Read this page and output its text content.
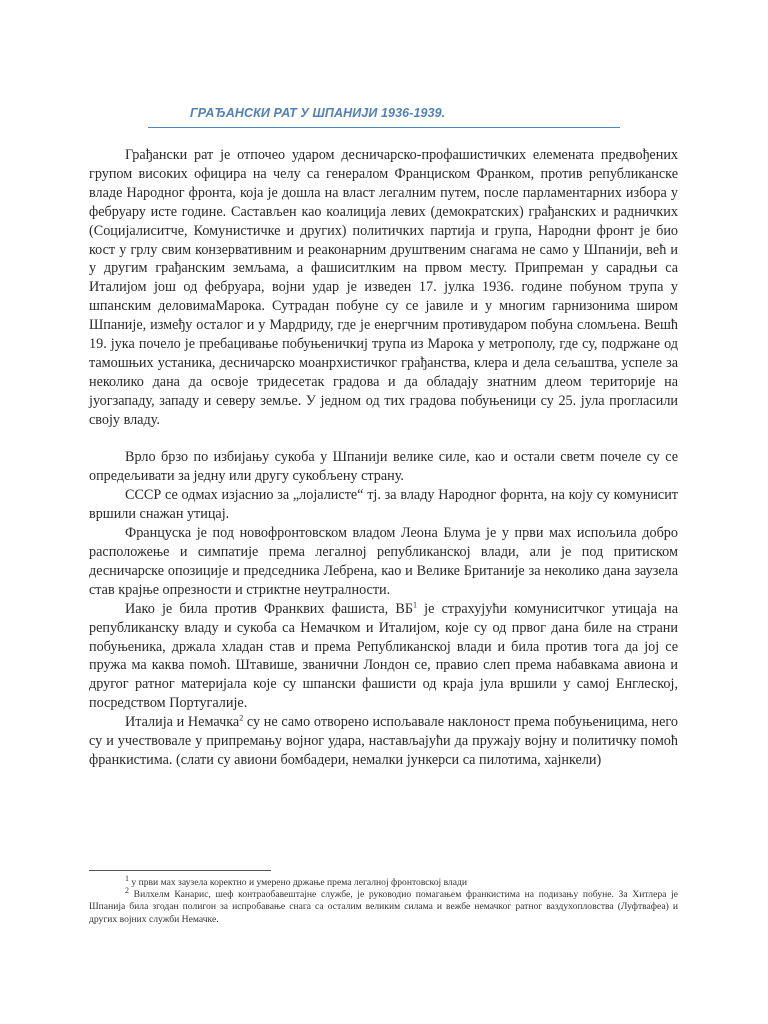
ГРАЂАНСКИ РАТ У ШПАНИЈИ 1936-1939.

Грађански рат је отпочео ударом десничарско-профашистичких елемената предвођених групом високих официра на челу са генералом Франциском Франком, против републиканске владе Народног фронта, која је дошла на власт легалним путем, после парламентарних изборa у фебруару исте године. Састављен као коалиција левих (демократских) грађанских и радничких (Социјалиситче, Комунистичке и других) политичких партија и група, Народни фронт је био кост у грлу свим конзервативним и реаконарним друштвеним снагама не само у Шпанији, већ и у другим грађанским земљама, а фашиситлким на првом месту. Припреман у сарадњи са Италијом још од фебруара, војни удар је изведен 17. јулка 1936. године побуном трупа у шпанским деловимаМарока. Сутрадан побуне су се јавиле и у многим гарнизонима широм Шпаније, између осталог и у Мардриду, где је енергчним противударом побуна сломљена. Вешћ 19. јука почело је пребацивање побуњеничкиј трупа из Марока у метрополу, где су, подржане од тамошњих устаника, десничарско моанрхистичког грађанства, клера и дела сељаштва, успеле за неколико дана да освоје тридесетак градова и да обладају знатним длеом територије на јуогзападу, западу и северу земље. У једном од тих градова побуњеници су 25. јула прогласили своју владу.

Врло брзо по избијању сукоба у Шпанији велике силе, као и остали светм почеле су се опредељивати за једну или другу сукобљену страну.

СССР се одмах изјаснио за „лојалисте“ тј. за владу Народног форнта, на коју су комунисит вршили снажан утицај.

Француска је под новофронтовском владом Леона Блума је у први мах испољила добро расположење и симпатије према легалној републиканској влади, али је под притиском десничарске опозиције и председника Лебрена, као и Велике Британије за неколико дана заузела став крајње опрезности и стриктне неутралности.

Иако је била против Франквих фашиста, $ВБ^1$ је страхујући комуниситчког утицаја на републиканску владу и сукоба са Немачком и Италијом, које су од првог дана биле на страни побуњеника, држала хладан став и према Републиканској влади и била против тога да јој се пружа ма каква помоћ. Штавише, званични Лондон се, правио слеп према набавкама авиона и другог ратног материјала које су шпански фашисти од краја јула вршили у самој Енглеској, посредством Португалије.

Италија и Немачка$^2$ су не само отворено испољавале наклоност према побуњеницима, него су и учествовале у припремању војног удара, настављајући да пружају војну и политичку помоћ франкистима. (слати су авиони бомбадери, немалки јункерси са пилотима, хајнкели)

$^1$ у први мах заузела коректно и умерено држање према легалној фронтовској влади

$^2$ Вилхелм Канарис, шеф контраобавештајне службе, је руководио помагањем франкистима на подизању побуне. За Хитлера је Шпанија била згодан полигон за испробавање снага са осталим великим силама и вежбе немачког ратног ваздухопловства (Луфтвафеа) и других војних служби Немачке.
